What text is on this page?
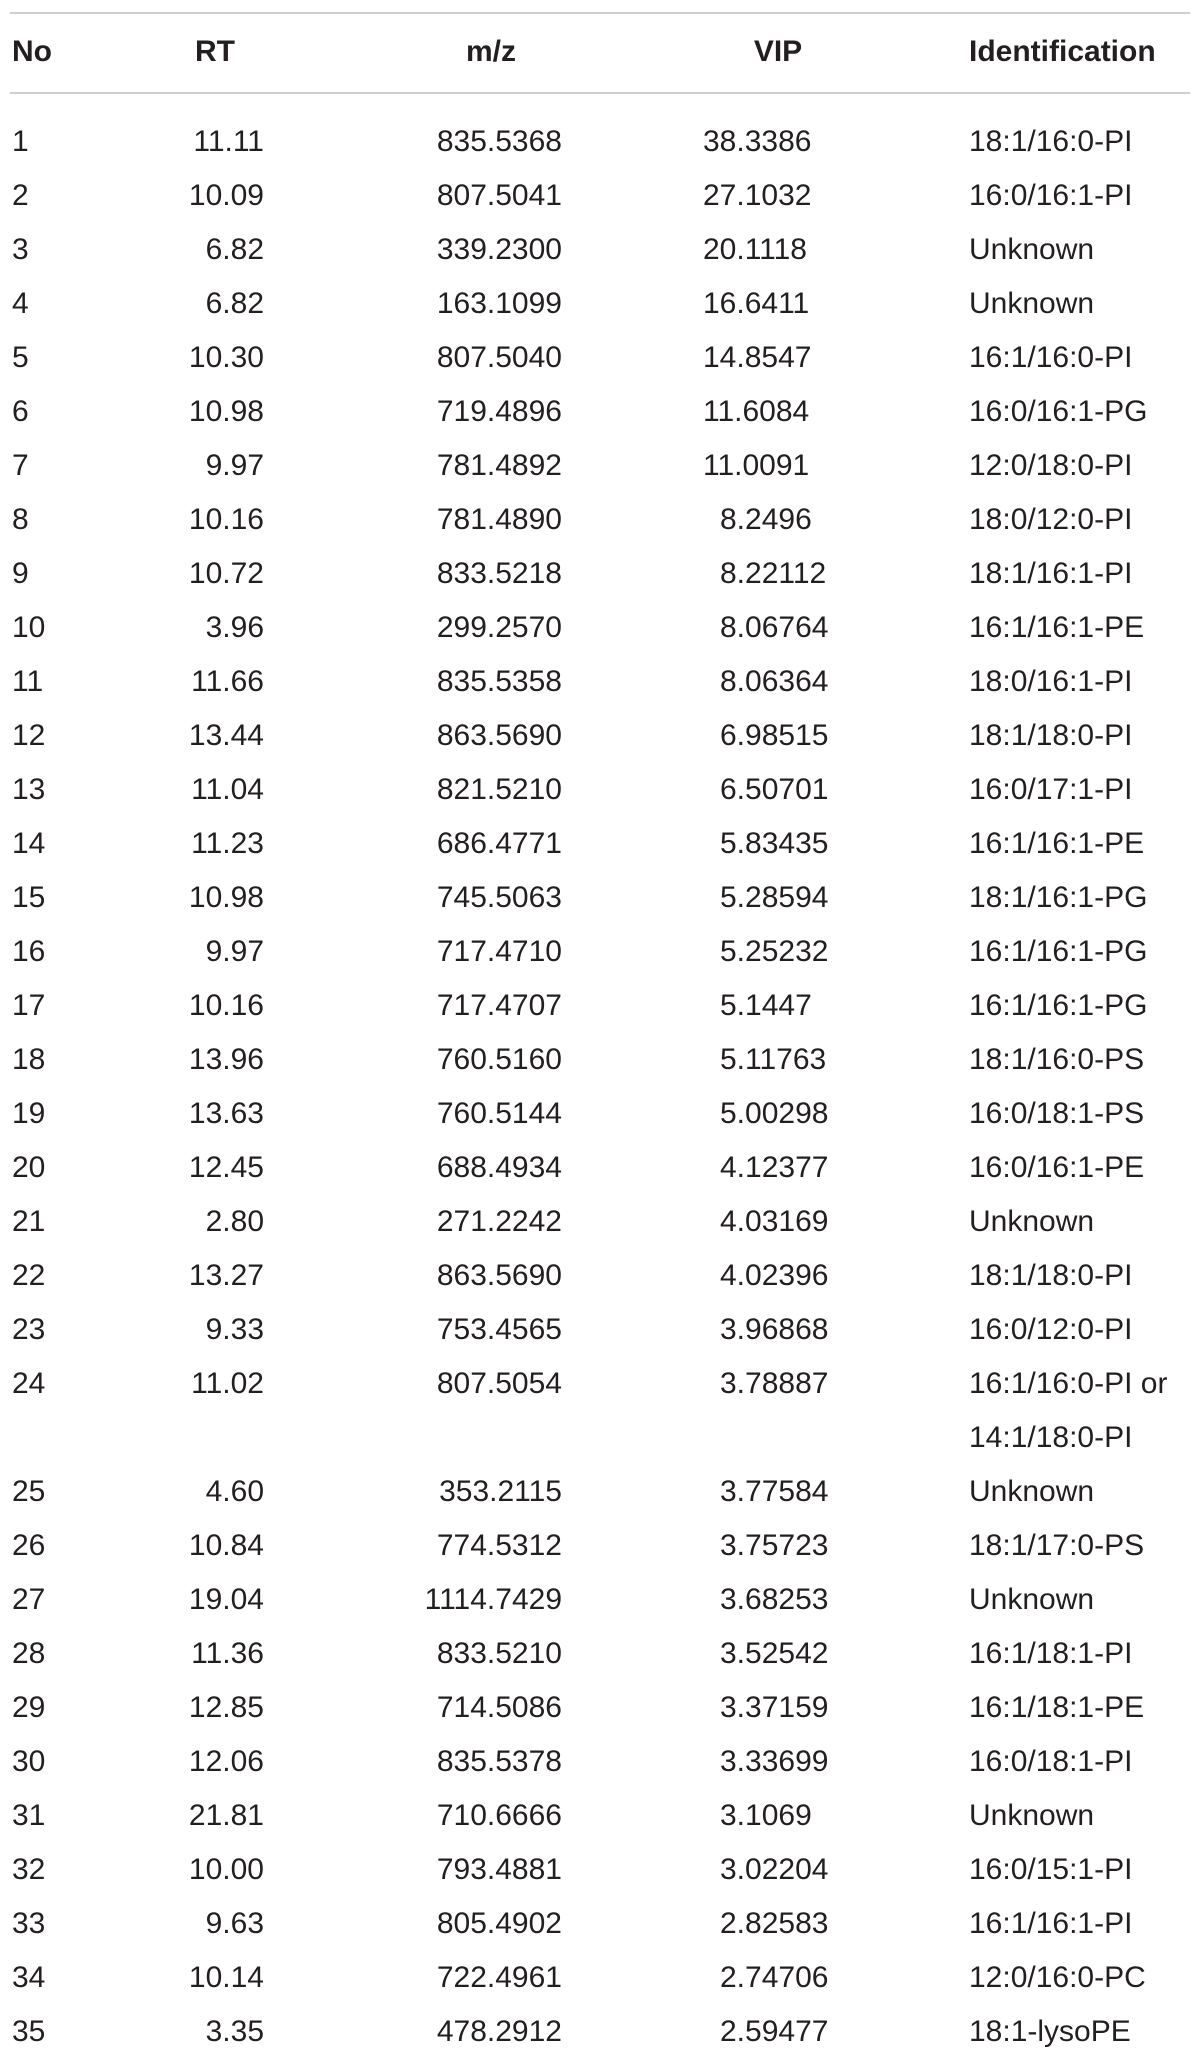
No	RT	m/z	VIP	Identification
1	11.11	835.5368	38.3386	18:1/16:0-PI
2	10.09	807.5041	27.1032	16:0/16:1-PI
3	6.82	339.2300	20.1118	Unknown
4	6.82	163.1099	16.6411	Unknown
5	10.30	807.5040	14.8547	16:1/16:0-PI
6	10.98	719.4896	11.6084	16:0/16:1-PG
7	9.97	781.4892	11.0091	12:0/18:0-PI
8	10.16	781.4890	8.2496	18:0/12:0-PI
9	10.72	833.5218	8.22112	18:1/16:1-PI
10	3.96	299.2570	8.06764	16:1/16:1-PE
11	11.66	835.5358	8.06364	18:0/16:1-PI
12	13.44	863.5690	6.98515	18:1/18:0-PI
13	11.04	821.5210	6.50701	16:0/17:1-PI
14	11.23	686.4771	5.83435	16:1/16:1-PE
15	10.98	745.5063	5.28594	18:1/16:1-PG
16	9.97	717.4710	5.25232	16:1/16:1-PG
17	10.16	717.4707	5.1447	16:1/16:1-PG
18	13.96	760.5160	5.11763	18:1/16:0-PS
19	13.63	760.5144	5.00298	16:0/18:1-PS
20	12.45	688.4934	4.12377	16:0/16:1-PE
21	2.80	271.2242	4.03169	Unknown
22	13.27	863.5690	4.02396	18:1/18:0-PI
23	9.33	753.4565	3.96868	16:0/12:0-PI
24	11.02	807.5054	3.78887	16:1/16:0-PI or
14:1/18:0-PI
25	4.60	353.2115	3.77584	Unknown
26	10.84	774.5312	3.75723	18:1/17:0-PS
27	19.04	1114.7429	3.68253	Unknown
28	11.36	833.5210	3.52542	16:1/18:1-PI
29	12.85	714.5086	3.37159	16:1/18:1-PE
30	12.06	835.5378	3.33699	16:0/18:1-PI
31	21.81	710.6666	3.1069	Unknown
32	10.00	793.4881	3.02204	16:0/15:1-PI
33	9.63	805.4902	2.82583	16:1/16:1-PI
34	10.14	722.4961	2.74706	12:0/16:0-PC
35	3.35	478.2912	2.59477	18:1-lysoPE
